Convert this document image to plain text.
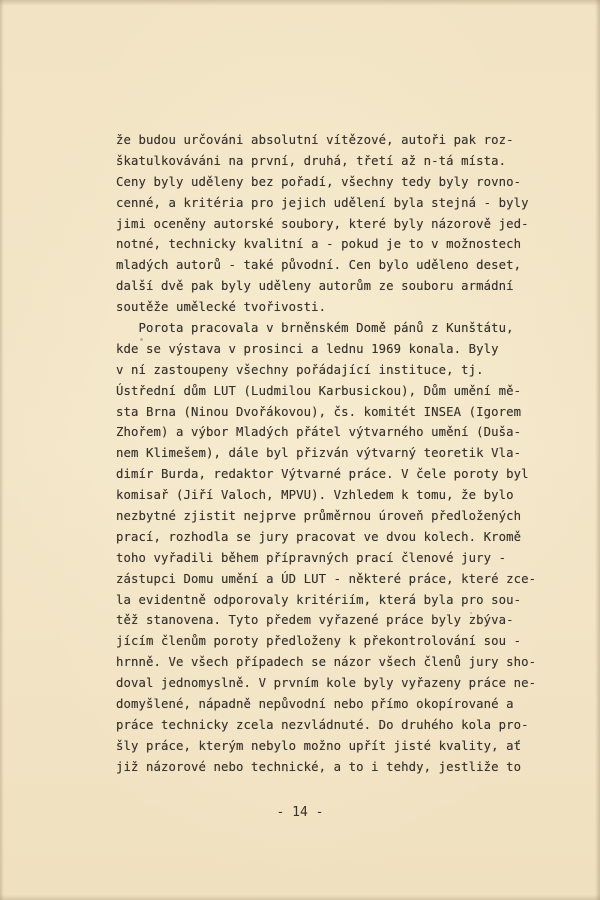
že budou určováni absolutní vítězové, autoři pak roz-
škatulkováváni na první, druhá, třetí až n-tá místa.
Ceny byly uděleny bez pořadí, všechny tedy byly rovno-
cenné, a kritéria pro jejich udělení byla stejná - byly
jimi oceněny autorské soubory, které byly názorově jed-
notné, technicky kvalitní a - pokud je to v možnostech
mladých autorů - také původní. Cen bylo uděleno deset,
další dvě pak byly uděleny autorům ze souboru armádní
soutěže umělecké tvořivosti.
Porota pracovala v brněnském Domě pánů z Kunštátu,
kde se výstava v prosinci a lednu 1969 konala. Byly
v ní zastoupeny všechny pořádající instituce, tj.
Ústřední dům LUT (Ludmilou Karbusickou), Dům umění mě-
sta Brna (Ninou Dvořákovou), čs. komitét INSEA (Igorem
Zhořem) a výbor Mladých přátel výtvarného umění (Duša-
nem Klimešem), dále byl přizván výtvarný teoretik Vla-
dimír Burda, redaktor Výtvarné práce. V čele poroty byl
komisař (Jiří Valoch, MPVU). Vzhledem k tomu, že bylo
nezbytné zjistit nejprve průměrnou úroveň předložených
prací, rozhodla se jury pracovat ve dvou kolech. Kromě
toho vyřadili během přípravných prací členové jury -
zástupci Domu umění a ÚD LUT - některé práce, které zce-
la evidentně odporovaly kritériím, která byla pro sou-
těž stanovena. Tyto předem vyřazené práce byly zbýva-
jícím členům poroty předloženy k překontrolování sou -
hrnně. Ve všech případech se názor všech členů jury sho-
doval jednomyslně. V prvním kole byly vyřazeny práce ne-
domyšlené, nápadně nepůvodní nebo přímo okopírované a
práce technicky zcela nezvládnuté. Do druhého kola pro-
šly práce, kterým nebylo možno upřít jisté kvality, ať
již názorové nebo technické, a to i tehdy, jestliže to
- 14 -
